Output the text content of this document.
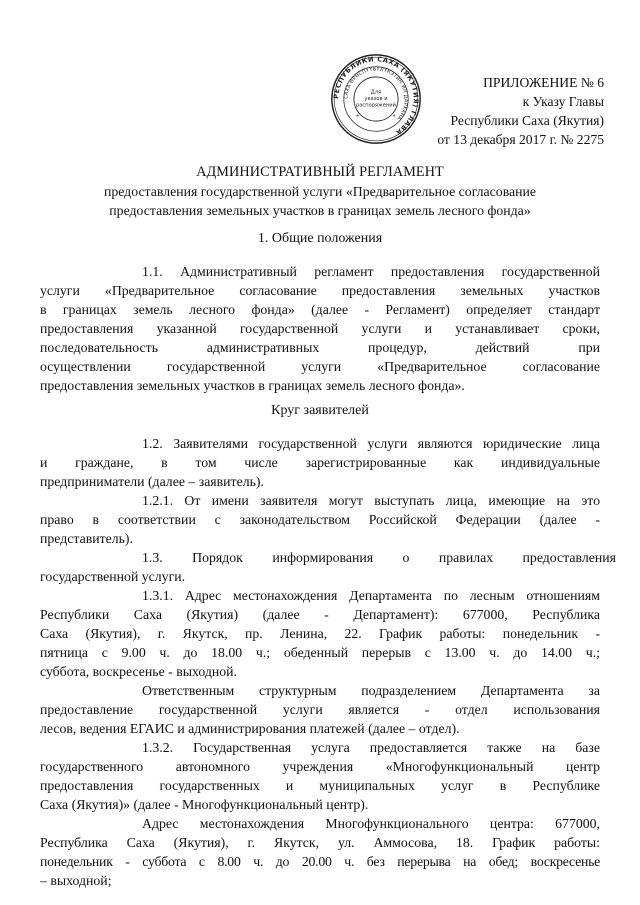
РЕСПУБЛИКИ САХА (ЯКУТИЯ) ГЛАВА
САХА ӨРӨСПҮҮБҮЛҮКЭТИН ИЛ ДАРХАНА
Для
указов и
распоряжений
*	*
ПРИЛОЖЕНИЕ № 6
к Указу Главы
Республики Саха (Якутия)
от 13 декабря 2017 г. № 2275
АДМИНИСТРАТИВНЫЙ РЕГЛАМЕНТ
предоставления государственной услуги «Предварительное согласование
предоставления земельных участков в границах земель лесного фонда»
1. Общие положения
1.1. Административный регламент предоставления государственной
услуги «Предварительное согласование предоставления земельных участков
в границах земель лесного фонда» (далее - Регламент) определяет стандарт
предоставления указанной государственной услуги и устанавливает сроки,
последовательность административных процедур, действий при
осуществлении государственной услуги «Предварительное согласование
предоставления земельных участков в границах земель лесного фонда».
Круг заявителей
1.2. Заявителями государственной услуги являются юридические лица
и граждане, в том числе зарегистрированные как индивидуальные
предприниматели (далее – заявитель).
1.2.1. От имени заявителя могут выступать лица, имеющие на это
право в соответствии с законодательством Российской Федерации (далее -
представитель).
1.3. Порядок информирования о правилах предоставления
государственной услуги.
1.3.1. Адрес местонахождения Департамента по лесным отношениям
Республики Саха (Якутия) (далее - Департамент): 677000, Республика
Саха (Якутия), г. Якутск, пр. Ленина, 22. График работы: понедельник -
пятница с 9.00 ч. до 18.00 ч.; обеденный перерыв с 13.00 ч. до 14.00 ч.;
суббота, воскресенье - выходной.
Ответственным структурным подразделением Департамента за
предоставление государственной услуги является - отдел использования
лесов, ведения ЕГАИС и администрирования платежей (далее – отдел).
1.3.2. Государственная услуга предоставляется также на базе
государственного автономного учреждения «Многофункциональный центр
предоставления государственных и муниципальных услуг в Республике
Саха (Якутия)» (далее - Многофункциональный центр).
Адрес местонахождения Многофункционального центра: 677000,
Республика Саха (Якутия), г. Якутск, ул. Аммосова, 18. График работы:
понедельник - суббота с 8.00 ч. до 20.00 ч. без перерыва на обед; воскресенье
– выходной;
